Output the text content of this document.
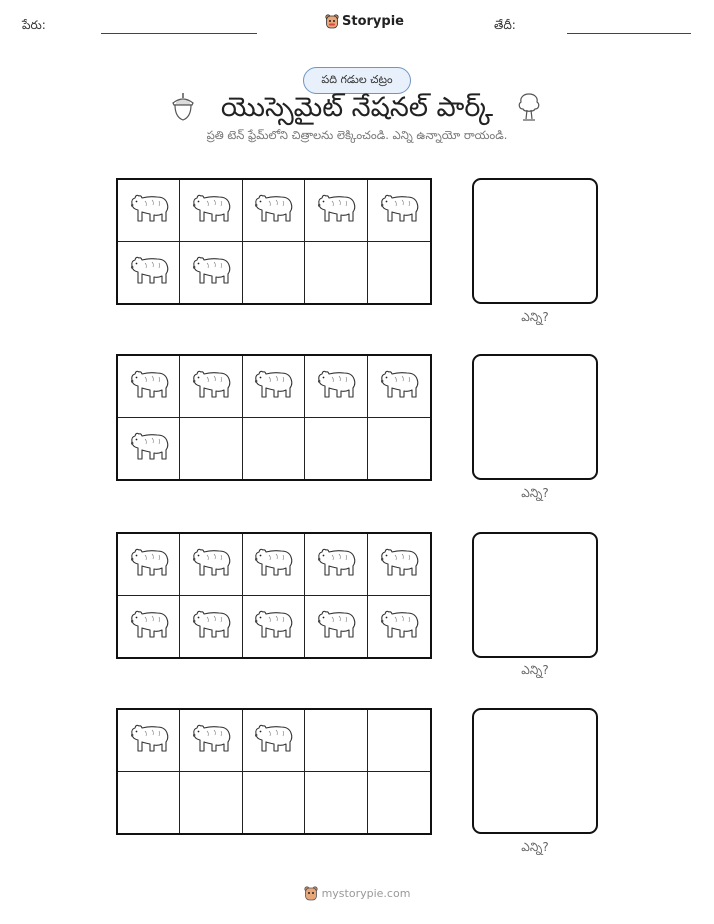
పేరు:	Storypie	తేదీ:
పది గడుల చట్రం
యొస్సెమైట్ నేషనల్ పార్క్
ప్రతి టెన్ ఫ్రేమ్‌లోని చిత్రాలను లెక్కించండి. ఎన్ని ఉన్నాయో రాయండి.
ఎన్ని?
ఎన్ని?
ఎన్ని?
ఎన్ని?
mystorypie.com
